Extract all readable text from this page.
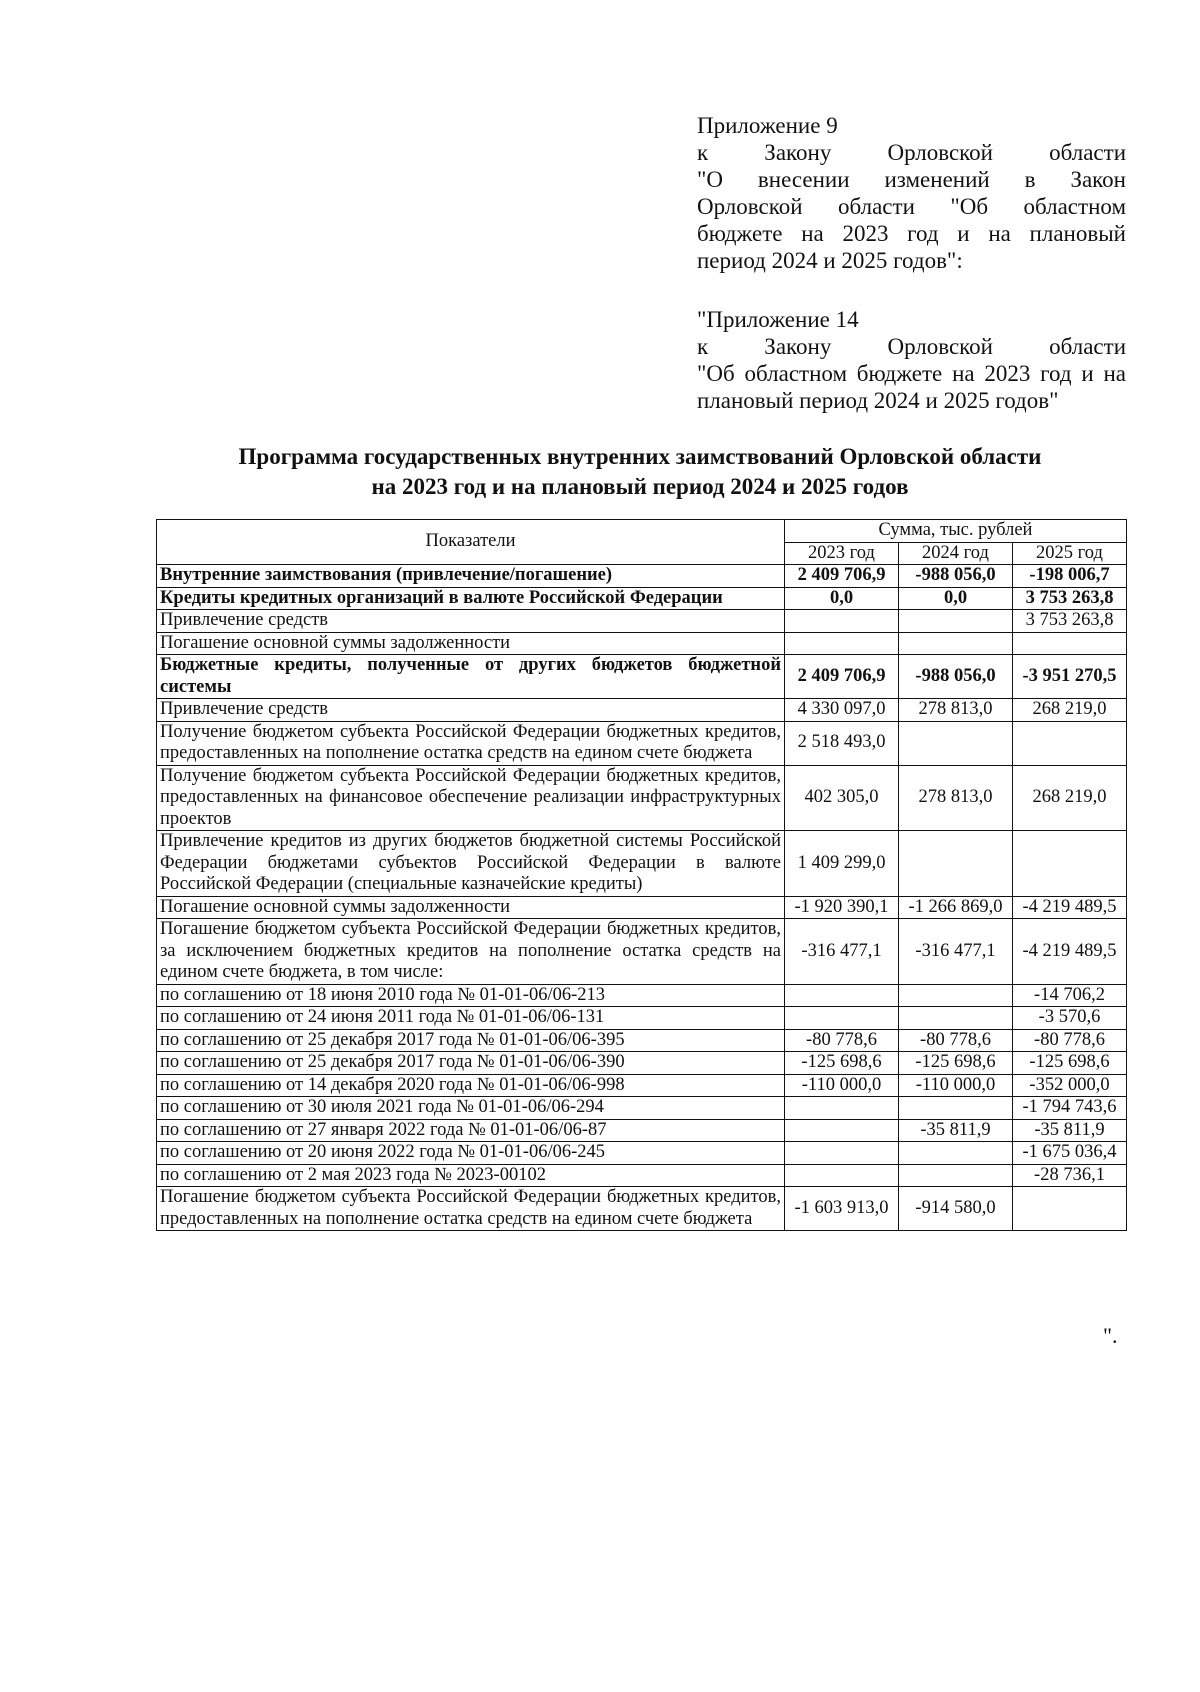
Приложение 9
к Закону Орловской области
"О внесении изменений в Закон
Орловской области "Об областном
бюджете на 2023 год и на плановый
период 2024 и 2025 годов":
"Приложение 14
к Закону Орловской области
"Об областном бюджете на 2023 год и на
плановый период 2024 и 2025 годов"
Программа государственных внутренних заимствований Орловской области
на 2023 год и на плановый период 2024 и 2025 годов
Показатели	Сумма, тыс. рублей		
	2023 год	2024 год	2025 год
Внутренние заимствования (привлечение/погашение)	2 409 706,9	-988 056,0	-198 006,7
Кредиты кредитных организаций в валюте Российской Федерации	0,0	0,0	3 753 263,8
Привлечение средств			3 753 263,8
Погашение основной суммы задолженности			
Бюджетные кредиты, полученные от других бюджетов бюджетной системы	2 409 706,9	-988 056,0	-3 951 270,5
Привлечение средств	4 330 097,0	278 813,0	268 219,0
Получение бюджетом субъекта Российской Федерации бюджетных кредитов, предоставленных на пополнение остатка средств на едином счете бюджета	2 518 493,0		
Получение бюджетом субъекта Российской Федерации бюджетных кредитов, предоставленных на финансовое обеспечение реализации инфраструктурных проектов	402 305,0	278 813,0	268 219,0
Привлечение кредитов из других бюджетов бюджетной системы Российской Федерации бюджетами субъектов Российской Федерации в валюте Российской Федерации (специальные казначейские кредиты)	1 409 299,0		
Погашение основной суммы задолженности	-1 920 390,1	-1 266 869,0	-4 219 489,5
Погашение бюджетом субъекта Российской Федерации бюджетных кредитов, за исключением бюджетных кредитов на пополнение остатка средств на едином счете бюджета, в том числе:	-316 477,1	-316 477,1	-4 219 489,5
по соглашению от 18 июня 2010 года № 01-01-06/06-213			-14 706,2
по соглашению от 24 июня 2011 года № 01-01-06/06-131			-3 570,6
по соглашению от 25 декабря 2017 года № 01-01-06/06-395	-80 778,6	-80 778,6	-80 778,6
по соглашению от 25 декабря 2017 года № 01-01-06/06-390	-125 698,6	-125 698,6	-125 698,6
по соглашению от 14 декабря 2020 года № 01-01-06/06-998	-110 000,0	-110 000,0	-352 000,0
по соглашению от 30 июля 2021 года № 01-01-06/06-294			-1 794 743,6
по соглашению от 27 января 2022 года № 01-01-06/06-87		-35 811,9	-35 811,9
по соглашению от 20 июня 2022 года № 01-01-06/06-245			-1 675 036,4
по соглашению от 2 мая 2023 года № 2023-00102			-28 736,1
Погашение бюджетом субъекта Российской Федерации бюджетных кредитов, предоставленных на пополнение остатка средств на едином счете бюджета	-1 603 913,0	-914 580,0	
".
